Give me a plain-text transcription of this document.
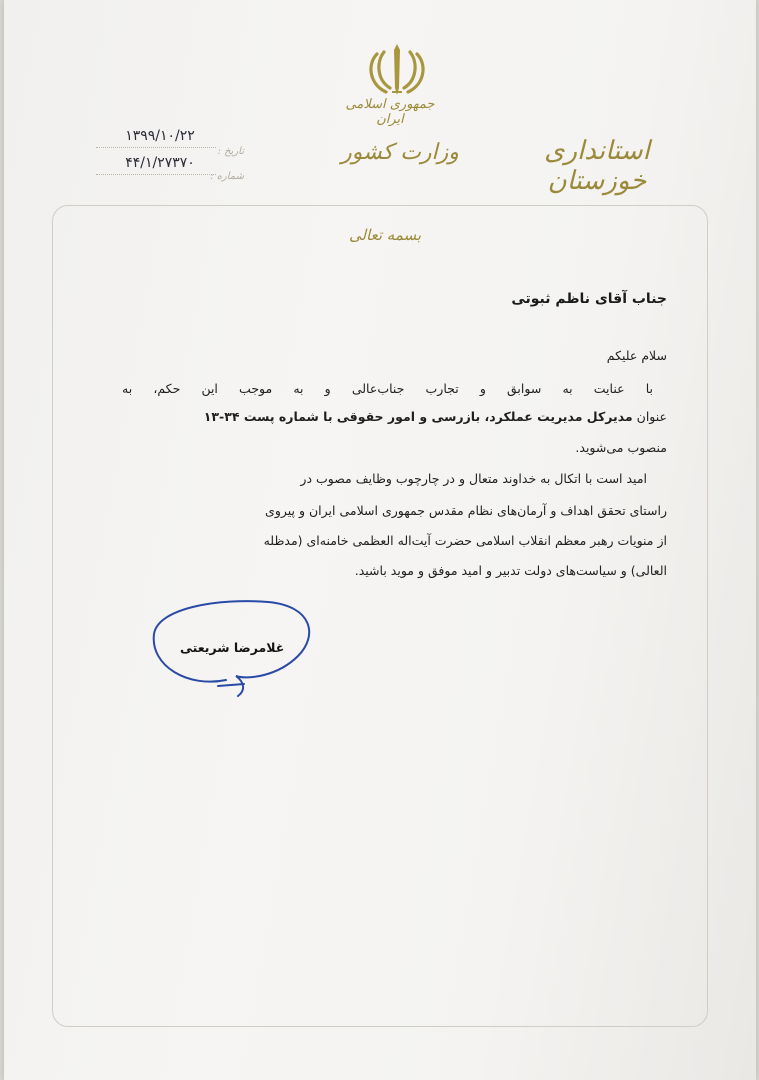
جمهوری اسلامی ایران
وزارت کشور	استانداری خوزستان
۱۳۹۹/۱۰/۲۲
تاریخ :
۴۴/۱/۲۷۳۷۰
شماره :
بسمه تعالی
جناب آقای ناظم ثبوتی
سلام علیکم
با عنایت به سوابق و تجارب جناب‌عالی و به موجب این حکم، به
عنوان مدیرکل مدیریت عملکرد، بازرسی و امور حقوقی با شماره پست ۳۴-۱۳
منصوب می‌شوید.
امید است با اتکال به خداوند متعال و در چارچوب وظایف مصوب در
راستای تحقق اهداف و آرمان‌های نظام مقدس جمهوری اسلامی ایران و پیروی
از منویات رهبر معظم انقلاب اسلامی حضرت آیت‌اله العظمی خامنه‌ای (مدظله
العالی) و سیاست‌های دولت تدبیر و امید موفق و موید باشید.
غلامرضا شریعتی
